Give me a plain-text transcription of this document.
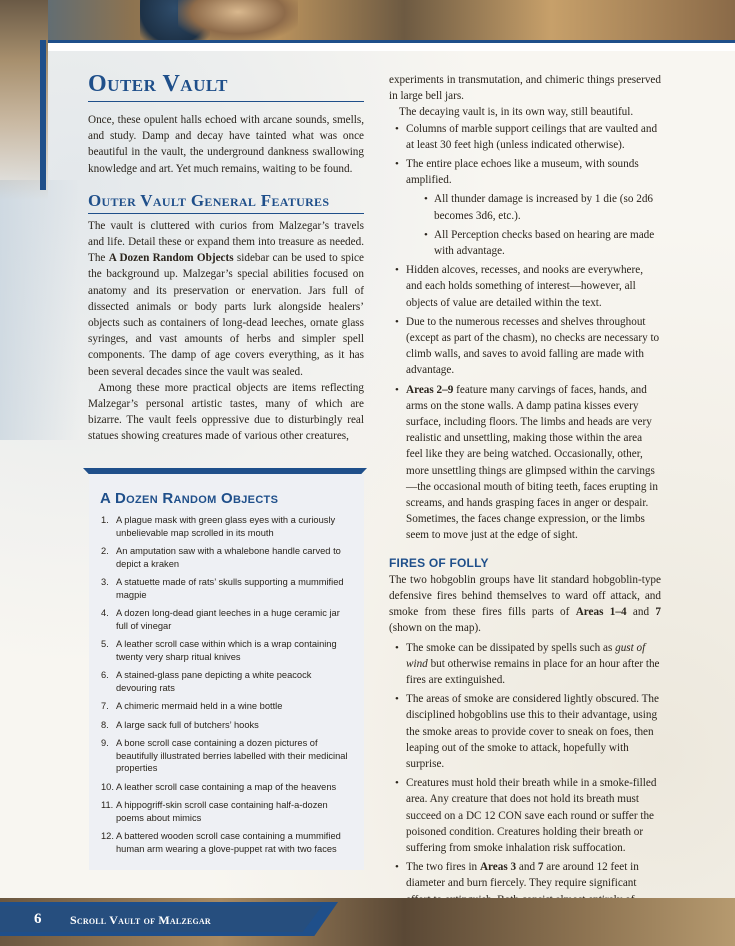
Outer Vault

Once, these opulent halls echoed with arcane sounds, smells, and study. Damp and decay have tainted what was once beautiful in the vault, the underground dankness swallowing knowledge and art. Yet much remains, waiting to be found.

Outer Vault General Features

The vault is cluttered with curios from Malzegar’s travels and life. Detail these or expand them into treasure as needed. The A Dozen Random Objects sidebar can be used to spice the background up. Malzegar’s special abilities focused on anatomy and its preservation or enervation. Jars full of dissected animals or body parts lurk alongside healers’ objects such as containers of long-dead leeches, ornate glass syringes, and vast amounts of herbs and simpler spell components. The damp of age covers everything, as it has been several decades since the vault was sealed.

Among these more practical objects are items reflecting Malzegar’s personal artistic tastes, many of which are bizarre. The vault feels oppressive due to disturbingly real statues showing creatures made of various other creatures,

1. A plague mask with green glass eyes with a curiously unbelievable map scrolled in its mouth
2. An amputation saw with a whalebone handle carved to depict a kraken
3. A statuette made of rats’ skulls supporting a mummified magpie
4. A dozen long-dead giant leeches in a huge ceramic jar full of vinegar
5. A leather scroll case within which is a wrap containing twenty very sharp ritual knives
6. A stained-glass pane depicting a white peacock devouring rats
7. A chimeric mermaid held in a wine bottle
8. A large sack full of butchers’ hooks
9. A bone scroll case containing a dozen pictures of beautifully illustrated berries labelled with their medicinal properties
10. A leather scroll case containing a map of the heavens
11. A hippogriff-skin scroll case containing half-a-dozen poems about mimics
12. A battered wooden scroll case containing a mummified human arm wearing a glove-puppet rat with two faces
A Dozen Random Objects

experiments in transmutation, and chimeric things preserved in large bell jars.

The decaying vault is, in its own way, still beautiful.

• Columns of marble support ceilings that are vaulted and at least 30 feet high (unless indicated otherwise).
• The entire place echoes like a museum, with sounds amplified.
• All thunder damage is increased by 1 die (so 2d6 becomes 3d6, etc.).
• All Perception checks based on hearing are made with advantage.
• Hidden alcoves, recesses, and nooks are everywhere, and each holds something of interest—however, all objects of value are detailed within the text.
• Due to the numerous recesses and shelves throughout (except as part of the chasm), no checks are necessary to climb walls, and saves to avoid falling are made with advantage.
• Areas 2–9 feature many carvings of faces, hands, and arms on the stone walls. A damp patina kisses every surface, including floors. The limbs and heads are very realistic and unsettling, making those within the area feel like they are being watched. Occasionally, other, more unsettling things are glimpsed within the carvings—the occasional mouth of biting teeth, faces erupting in screams, and hands grasping faces in anger or despair. Sometimes, the faces change expression, or the limbs seem to move just at the edge of sight.
FIRES OF FOLLY

The two hobgoblin groups have lit standard hobgoblin-type defensive fires behind themselves to ward off attack, and smoke from these fires fills parts of Areas 1–4 and 7 (shown on the map).

• The smoke can be dissipated by spells such as gust of wind but otherwise remains in place for an hour after the fires are extinguished.
• The areas of smoke are considered lightly obscured. The disciplined hobgoblins use this to their advantage, using the smoke areas to provide cover to sneak on foes, then leaping out of the smoke to attack, hopefully with surprise.
• Creatures must hold their breath while in a smoke-filled area. Any creature that does not hold its breath must succeed on a DC 12 CON save each round or suffer the poisoned condition. Creatures holding their breath or suffering from smoke inhalation risk suffocation.
• The two fires in Areas 3 and 7 are around 12 feet in diameter and burn fiercely. They require significant
6 Scroll Vault of Malzegar
